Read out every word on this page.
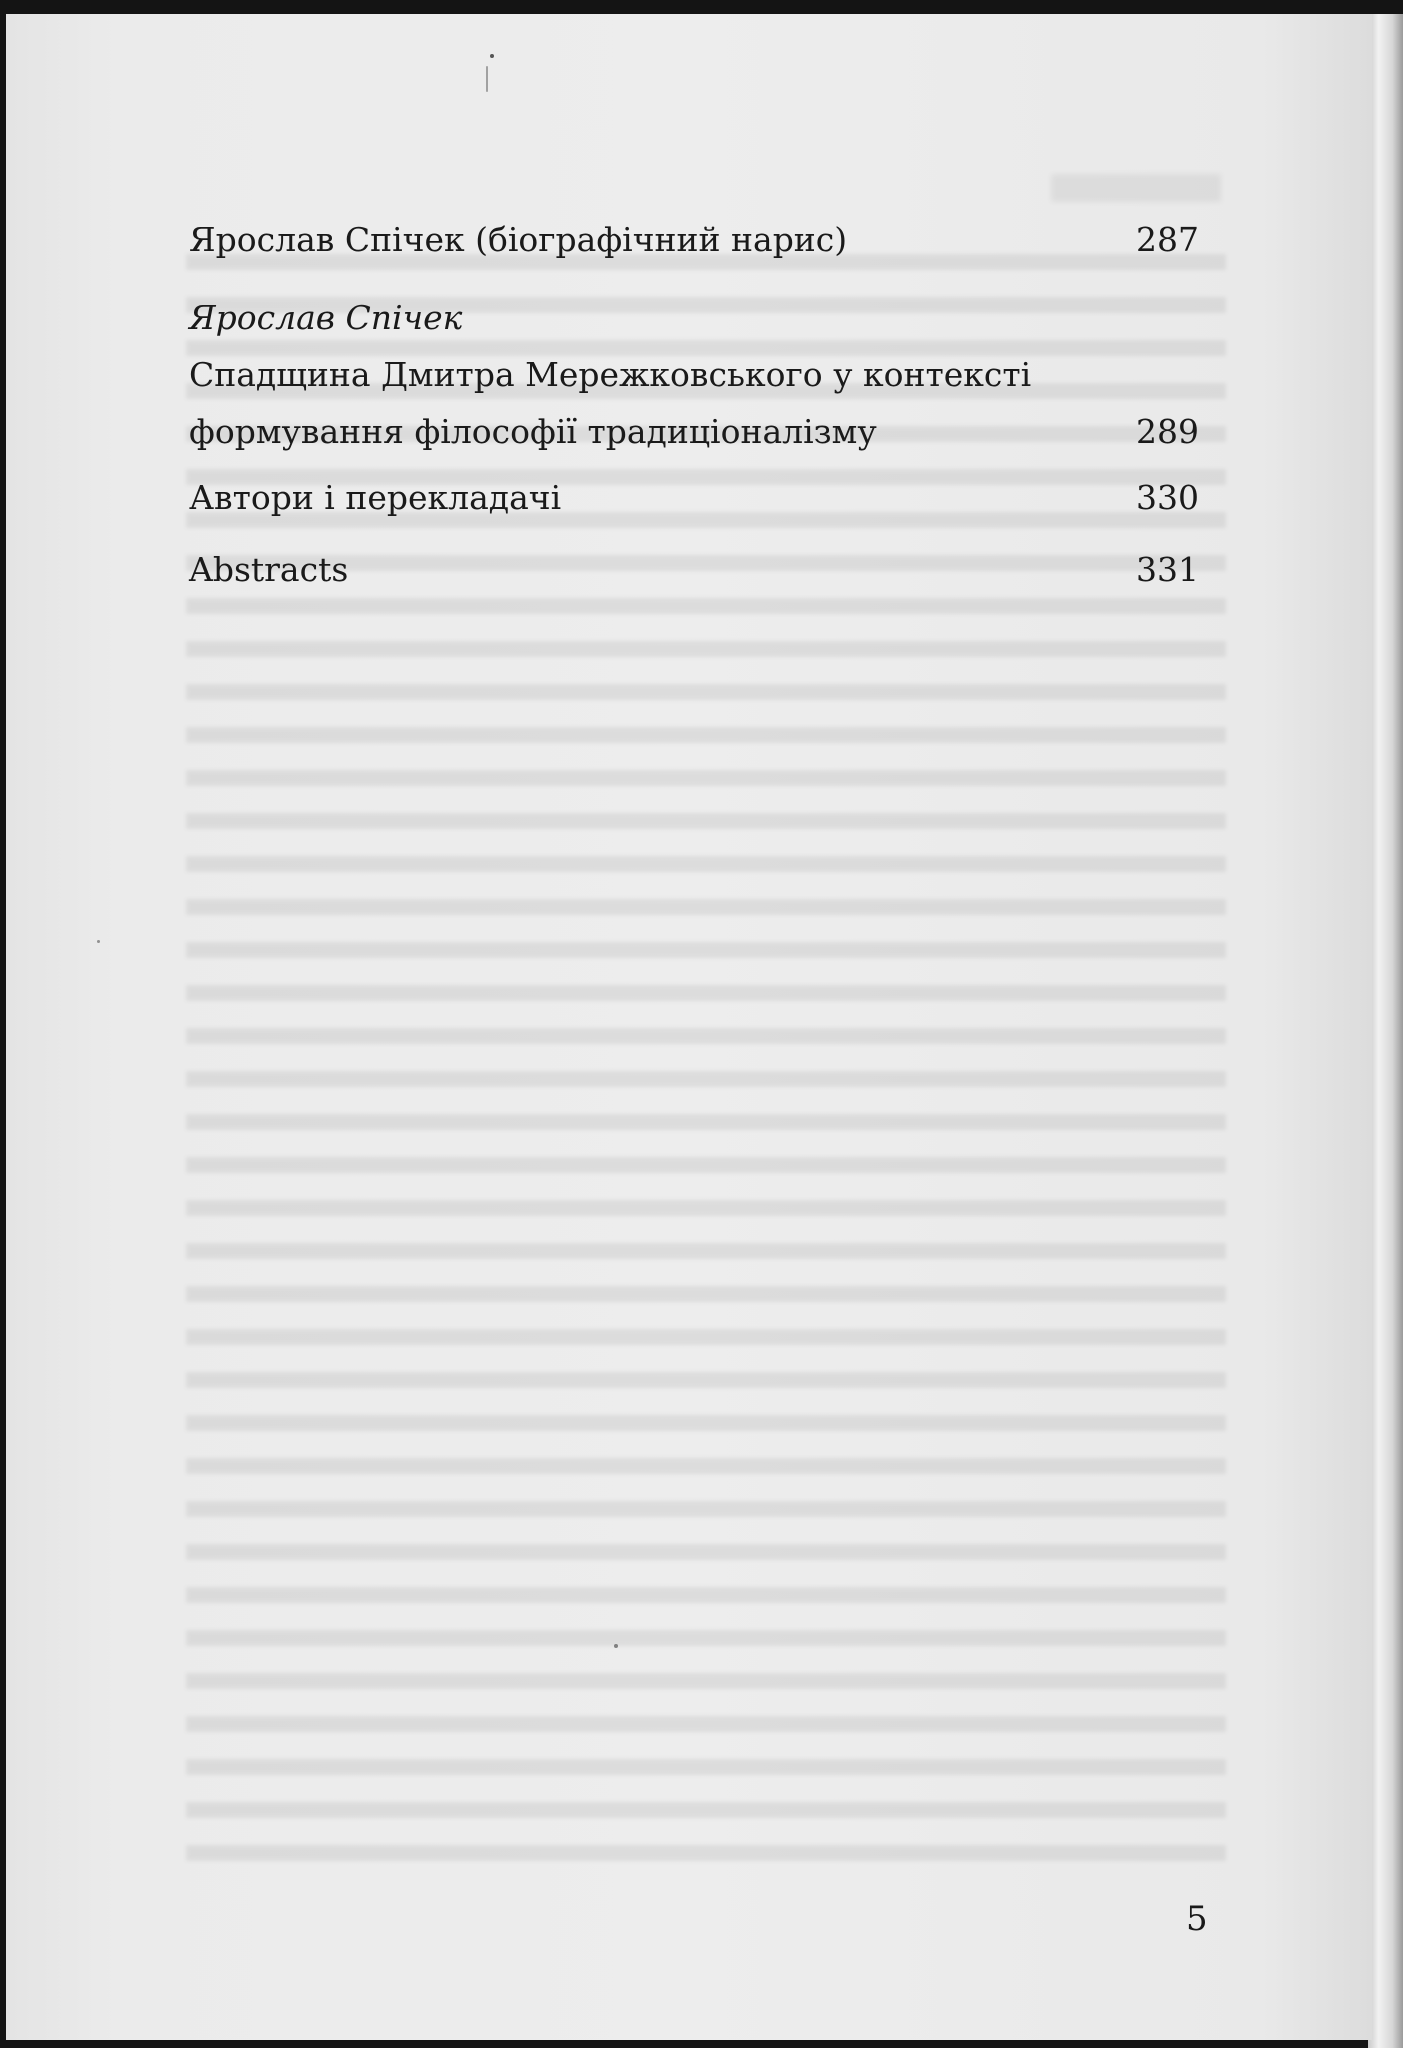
Ярослав Спічек (біографічний нарис)	287
Ярослав Спічек
Спадщина Дмитра Мережковського у контексті
формування філософії традиціоналізму	289
Автори і перекладачі	330
Abstracts	331
5
